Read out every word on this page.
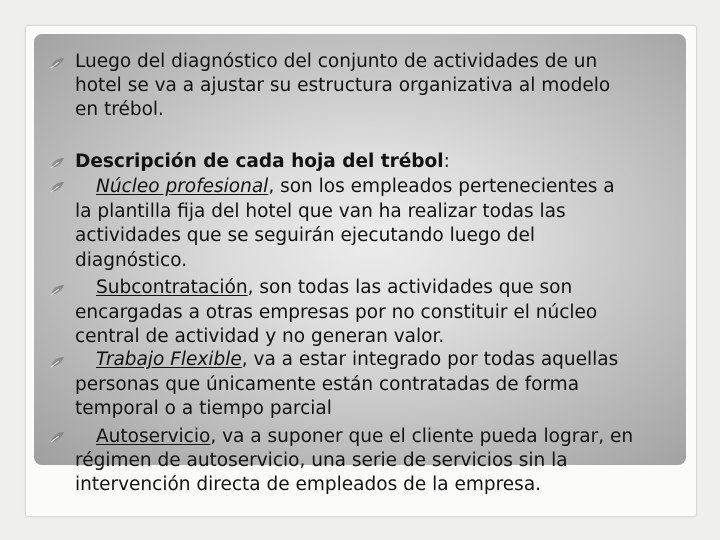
Luego del diagnóstico del conjunto de actividades de un
hotel se va a ajustar su estructura organizativa al modelo
en trébol.
Descripción de cada hoja del trébol:
Núcleo profesional, son los empleados pertenecientes a
la plantilla fija del hotel que van ha realizar todas las
actividades que se seguirán ejecutando luego del
diagnóstico.
Subcontratación, son todas las actividades que son
encargadas a otras empresas por no constituir el núcleo
central de actividad y no generan valor.
Trabajo Flexible, va a estar integrado por todas aquellas
personas que únicamente están contratadas de forma
temporal o a tiempo parcial
Autoservicio, va a suponer que el cliente pueda lograr, en
régimen de autoservicio, una serie de servicios sin la
intervención directa de empleados de la empresa.
